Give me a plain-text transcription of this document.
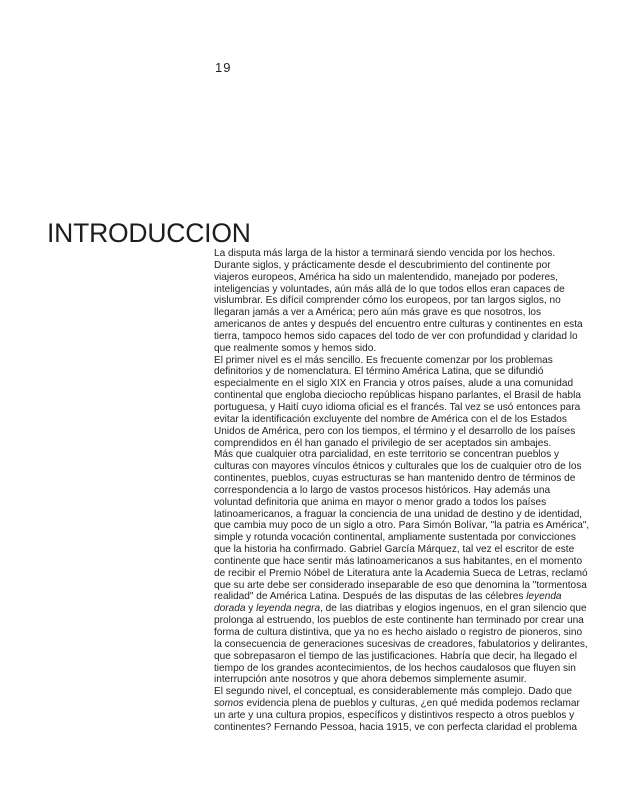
19
INTRODUCCION

La disputa más larga de la histor a terminará siendo vencida por los hechos.
Durante siglos, y prácticamente desde el descubrimiento del continente por
viajeros europeos, América ha sido un malentendido, manejado por poderes,
inteligencias y voluntades, aún más allá de lo que todos ellos eran capaces de
vislumbrar. Es difícil comprender cómo los europeos, por tan largos siglos, no
llegaran jamás a ver a América; pero aún más grave es que nosotros, los
americanos de antes y después del encuentro entre culturas y continentes en esta
tierra, tampoco hemos sido capaces del todo de ver con profundidad y claridad lo
que realmente somos y hemos sido.

El primer nivel es el más sencillo. Es frecuente comenzar por los problemas
definitorios y de nomenclatura. El término América Latina, que se difundió
especialmente en el siglo XIX en Francia y otros países, alude a una comunidad
continental que engloba dieciocho repúblicas hispano parlantes, el Brasil de habla
portuguesa, y Haití cuyo idioma oficial es el francés. Tal vez se usó entonces para
evitar la identificación excluyente del nombre de América con el de los Estados
Unidos de América, pero con los tiempos, el término y el desarrollo de los países
comprendidos en él han ganado el privilegio de ser aceptados sin ambajes.

Más que cualquier otra parcialidad, en este territorio se concentran pueblos y
culturas con mayores vínculos étnicos y culturales que los de cualquier otro de los
continentes, pueblos, cuyas estructuras se han mantenido dentro de términos de
correspondencia a lo largo de vastos procesos históricos. Hay además una
voluntad definitoria que anima en mayor o menor grado a todos los países
latinoamericanos, a fraguar la conciencia de una unidad de destino y de identidad,
que cambia muy poco de un siglo a otro. Para Simón Bolívar, "la patria es América",
simple y rotunda vocación continental, ampliamente sustentada por convicciones
que la historia ha confirmado. Gabriel García Márquez, tal vez el escritor de este
continente que hace sentir más latinoamericanos a sus habitantes, en el momento
de recibir el Premio Nóbel de Literatura ante la Academia Sueca de Letras, reclamó
que su arte debe ser considerado inseparable de eso que denomina la "tormentosa
realidad" de América Latina. Después de las disputas de las célebres leyenda
dorada y leyenda negra, de las diatribas y elogios ingenuos, en el gran silencio que
prolonga al estruendo, los pueblos de este continente han terminado por crear una
forma de cultura distintiva, que ya no es hecho aislado o registro de pioneros, sino
la consecuencia de generaciones sucesivas de creadores, fabulatorios y delirantes,
que sobrepasaron el tiempo de las justificaciones. Habría que decir, ha llegado el
tiempo de los grandes acontecimientos, de los hechos caudalosos que fluyen sin
interrupción ante nosotros y que ahora debemos simplemente asumir.

El segundo nivel, el conceptual, es considerablemente más complejo. Dado que
somos evidencia plena de pueblos y culturas, ¿en qué medida podemos reclamar
un arte y una cultura propios, específicos y distintivos respecto a otros pueblos y
continentes? Fernando Pessoa, hacia 1915, ve con perfecta claridad el problema
